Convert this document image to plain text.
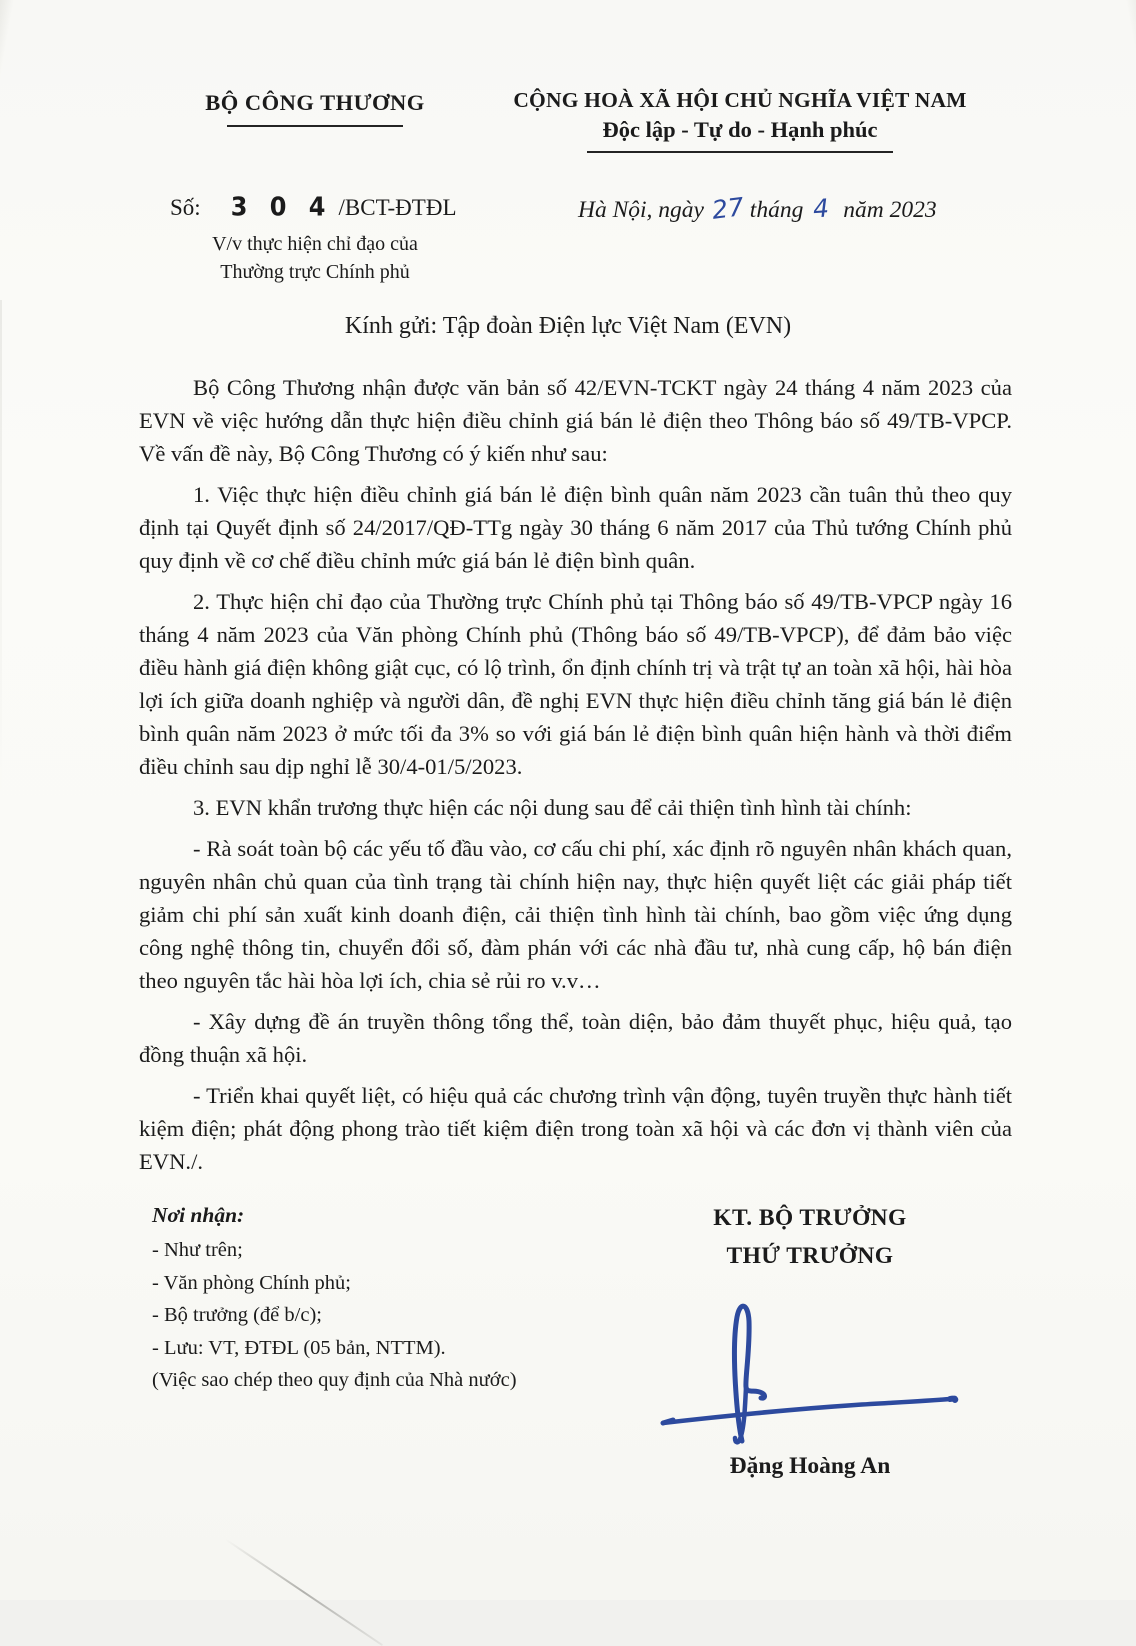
BỘ CÔNG THƯƠNG	CỘNG HOÀ XÃ HỘI CHỦ NGHĨA VIỆT NAM
Độc lập - Tự do - Hạnh phúc
Số: 3 0 4 /BCT-ĐTĐL
V/v thực hiện chỉ đạo của
Thường trực Chính phủ
Hà Nội, ngày 27 tháng 4 năm 2023
Kính gửi: Tập đoàn Điện lực Việt Nam (EVN)

Bộ Công Thương nhận được văn bản số 42/EVN-TCKT ngày 24 tháng 4 năm 2023 của EVN về việc hướng dẫn thực hiện điều chỉnh giá bán lẻ điện theo Thông báo số 49/TB-VPCP. Về vấn đề này, Bộ Công Thương có ý kiến như sau:

1. Việc thực hiện điều chỉnh giá bán lẻ điện bình quân năm 2023 cần tuân thủ theo quy định tại Quyết định số 24/2017/QĐ-TTg ngày 30 tháng 6 năm 2017 của Thủ tướng Chính phủ quy định về cơ chế điều chỉnh mức giá bán lẻ điện bình quân.

2. Thực hiện chỉ đạo của Thường trực Chính phủ tại Thông báo số 49/TB-VPCP ngày 16 tháng 4 năm 2023 của Văn phòng Chính phủ (Thông báo số 49/TB-VPCP), để đảm bảo việc điều hành giá điện không giật cục, có lộ trình, ổn định chính trị và trật tự an toàn xã hội, hài hòa lợi ích giữa doanh nghiệp và người dân, đề nghị EVN thực hiện điều chỉnh tăng giá bán lẻ điện bình quân năm 2023 ở mức tối đa 3% so với giá bán lẻ điện bình quân hiện hành và thời điểm điều chỉnh sau dịp nghỉ lễ 30/4-01/5/2023.

3. EVN khẩn trương thực hiện các nội dung sau để cải thiện tình hình tài chính:

- Rà soát toàn bộ các yếu tố đầu vào, cơ cấu chi phí, xác định rõ nguyên nhân khách quan, nguyên nhân chủ quan của tình trạng tài chính hiện nay, thực hiện quyết liệt các giải pháp tiết giảm chi phí sản xuất kinh doanh điện, cải thiện tình hình tài chính, bao gồm việc ứng dụng công nghệ thông tin, chuyển đổi số, đàm phán với các nhà đầu tư, nhà cung cấp, hộ bán điện theo nguyên tắc hài hòa lợi ích, chia sẻ rủi ro v.v…

- Xây dựng đề án truyền thông tổng thể, toàn diện, bảo đảm thuyết phục, hiệu quả, tạo đồng thuận xã hội.

- Triển khai quyết liệt, có hiệu quả các chương trình vận động, tuyên truyền thực hành tiết kiệm điện; phát động phong trào tiết kiệm điện trong toàn xã hội và các đơn vị thành viên của EVN./.

Nơi nhận:
- Như trên;
- Văn phòng Chính phủ;
- Bộ trưởng (để b/c);
- Lưu: VT, ĐTĐL (05 bản, NTTM).
(Việc sao chép theo quy định của Nhà nước)
KT. BỘ TRƯỞNG
THỨ TRƯỞNG
Đặng Hoàng An
